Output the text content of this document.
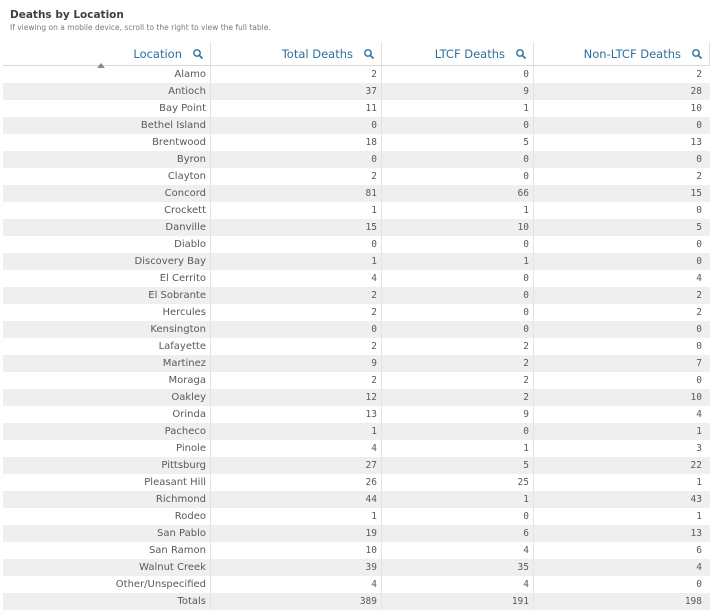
Deaths by Location
If viewing on a mobile device, scroll to the right to view the full table.
Location	Total Deaths	LTCF Deaths	Non-LTCF Deaths
Alamo	2	0	2
Antioch	37	9	28
Bay Point	11	1	10
Bethel Island	0	0	0
Brentwood	18	5	13
Byron	0	0	0
Clayton	2	0	2
Concord	81	66	15
Crockett	1	1	0
Danville	15	10	5
Diablo	0	0	0
Discovery Bay	1	1	0
El Cerrito	4	0	4
El Sobrante	2	0	2
Hercules	2	0	2
Kensington	0	0	0
Lafayette	2	2	0
Martinez	9	2	7
Moraga	2	2	0
Oakley	12	2	10
Orinda	13	9	4
Pacheco	1	0	1
Pinole	4	1	3
Pittsburg	27	5	22
Pleasant Hill	26	25	1
Richmond	44	1	43
Rodeo	1	0	1
San Pablo	19	6	13
San Ramon	10	4	6
Walnut Creek	39	35	4
Other/Unspecified	4	4	0
Totals	389	191	198
